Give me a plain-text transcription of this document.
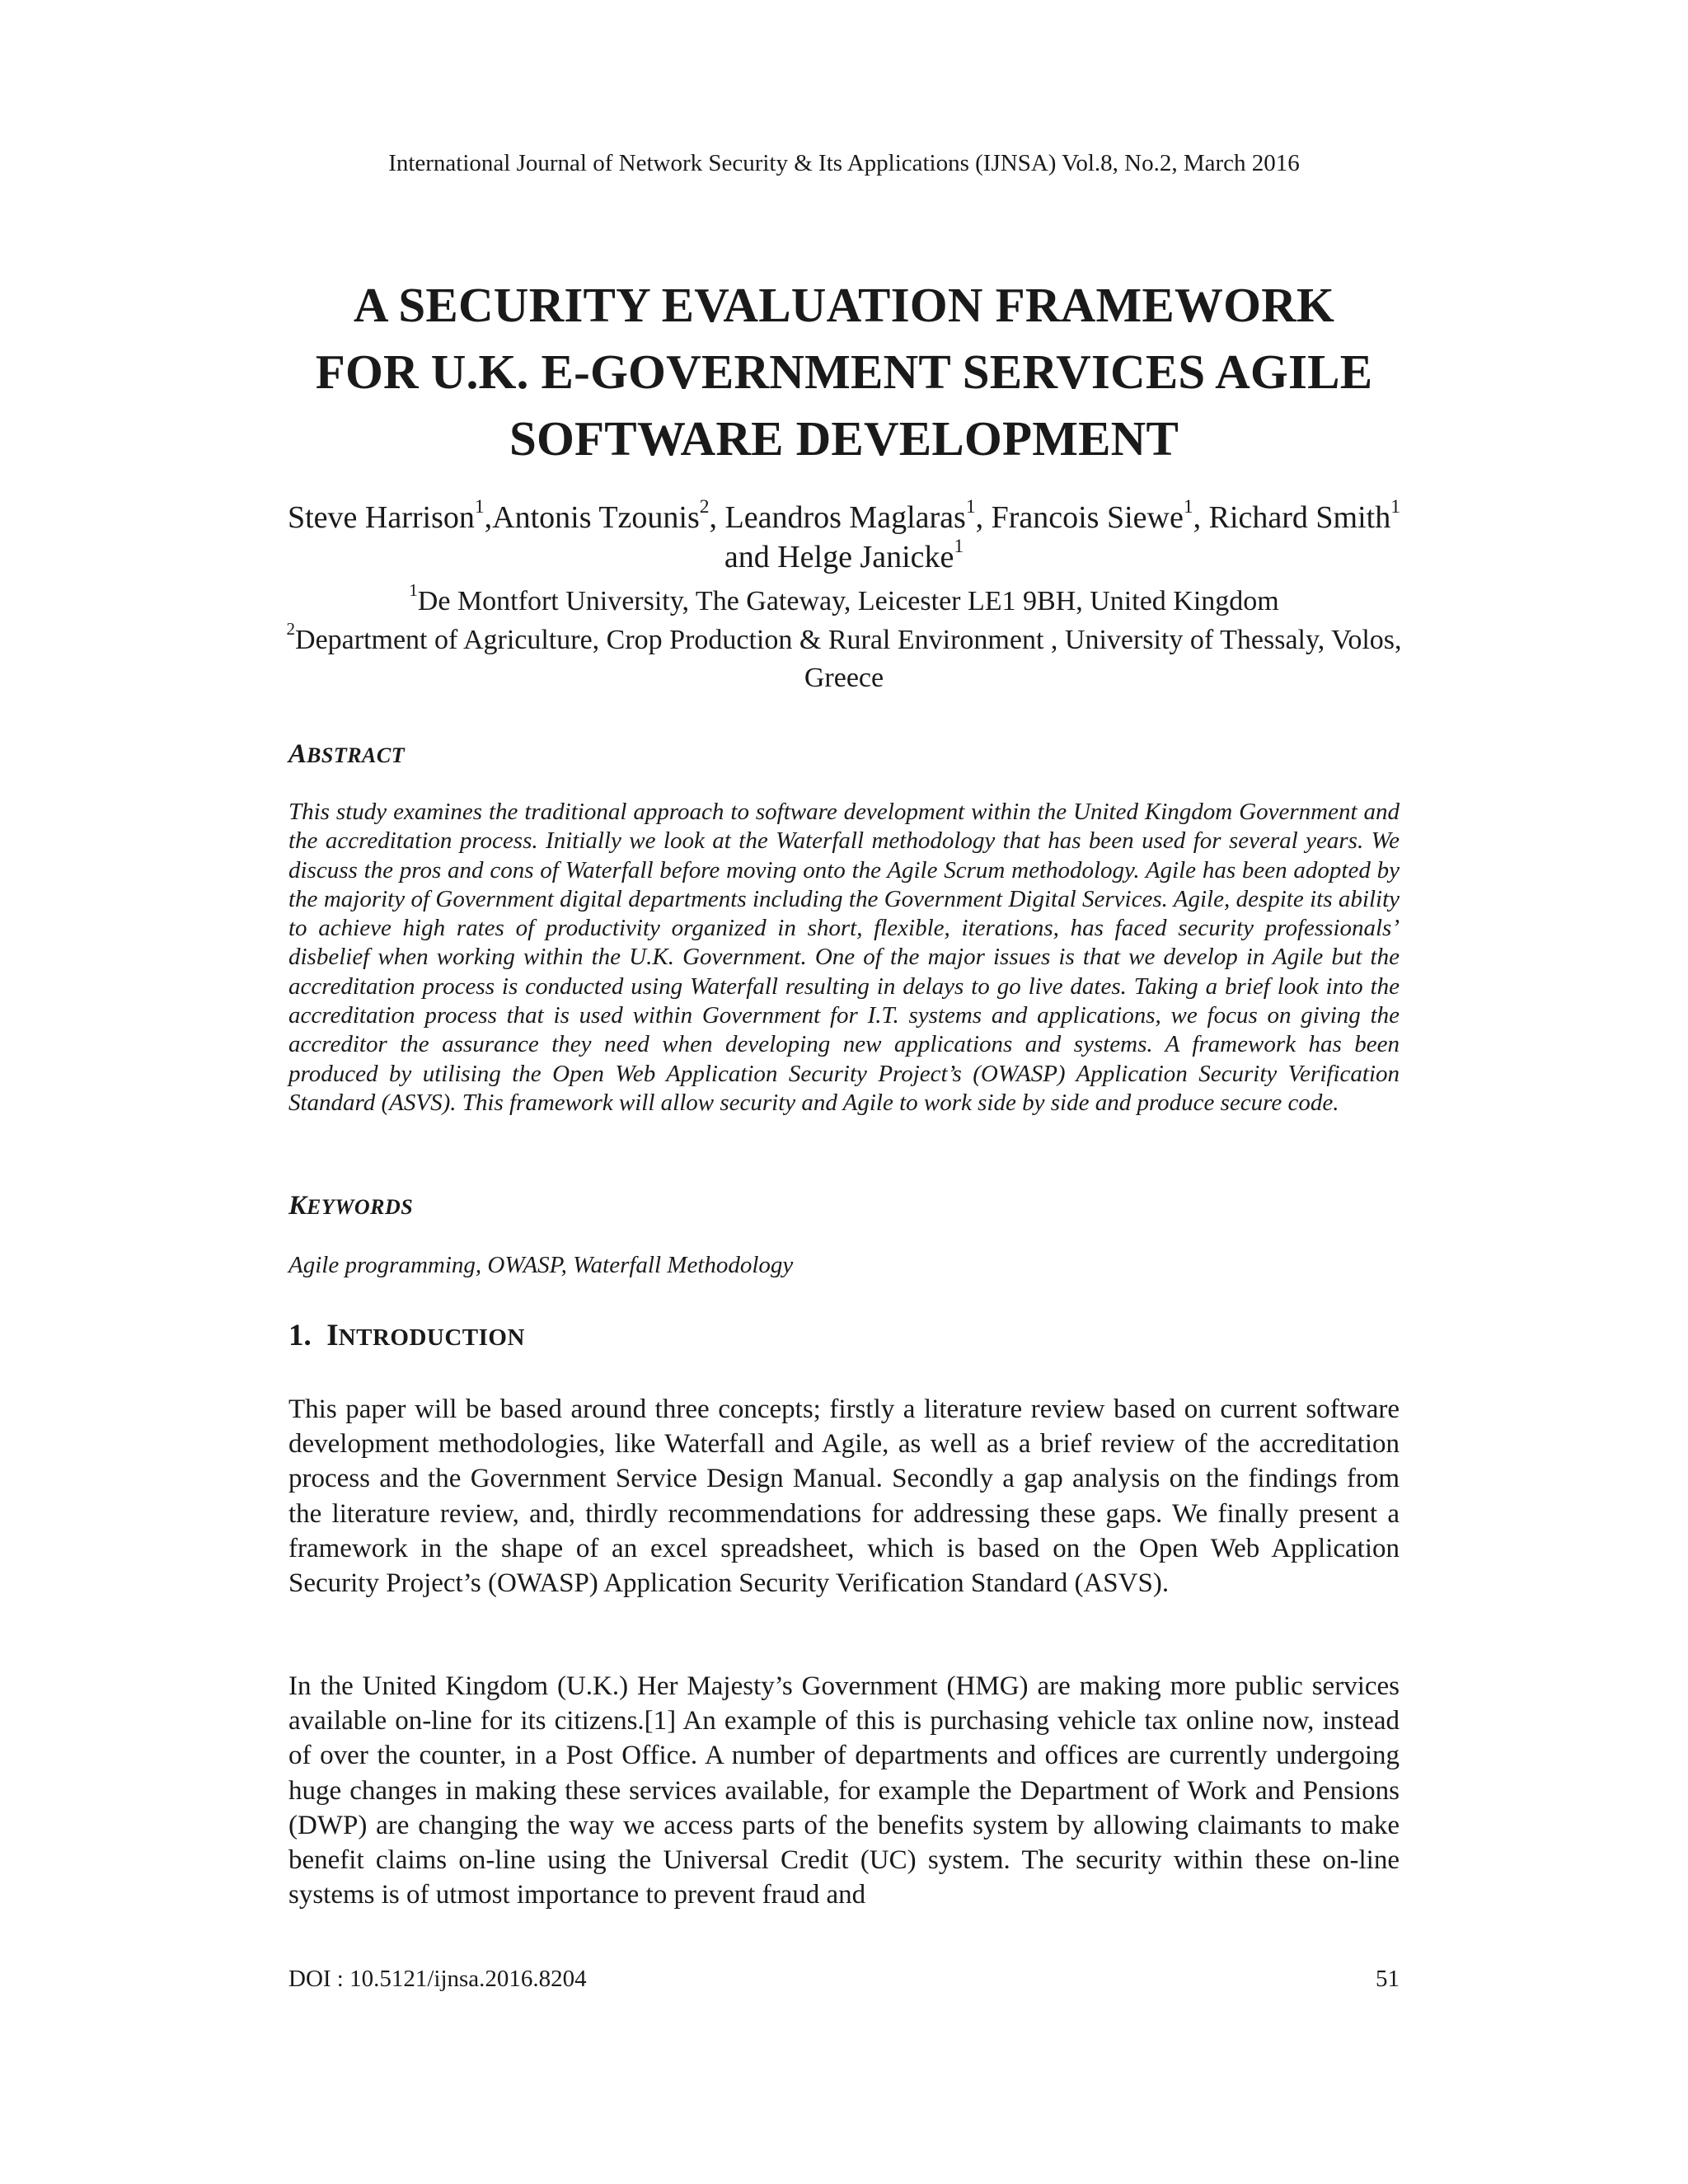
International Journal of Network Security & Its Applications (IJNSA) Vol.8, No.2, March 2016
A SECURITY EVALUATION FRAMEWORK
FOR U.K. E-GOVERNMENT SERVICES AGILE
SOFTWARE DEVELOPMENT

Steve Harrison$^1$,Antonis Tzounis$^2$, Leandros Maglaras$^1$, Francois Siewe$^1$, Richard Smith$^1$ and Helge Janicke$^1$

$^1$De Montfort University, The Gateway, Leicester LE1 9BH, United Kingdom

$^2$Department of Agriculture, Crop Production & Rural Environment , University of Thessaly, Volos, Greece

ABSTRACT

This study examines the traditional approach to software development within the United Kingdom Government and the accreditation process. Initially we look at the Waterfall methodology that has been used for several years. We discuss the pros and cons of Waterfall before moving onto the Agile Scrum methodology. Agile has been adopted by the majority of Government digital departments including the Government Digital Services. Agile, despite its ability to achieve high rates of productivity organized in short, flexible, iterations, has faced security professionals’ disbelief when working within the U.K. Government. One of the major issues is that we develop in Agile but the accreditation process is conducted using Waterfall resulting in delays to go live dates. Taking a brief look into the accreditation process that is used within Government for I.T. systems and applications, we focus on giving the accreditor the assurance they need when developing new applications and systems. A framework has been produced by utilising the Open Web Application Security Project’s (OWASP) Application Security Verification Standard (ASVS). This framework will allow security and Agile to work side by side and produce secure code.

KEYWORDS

Agile programming, OWASP, Waterfall Methodology

1. INTRODUCTION

This paper will be based around three concepts; firstly a literature review based on current software development methodologies, like Waterfall and Agile, as well as a brief review of the accreditation process and the Government Service Design Manual. Secondly a gap analysis on the findings from the literature review, and, thirdly recommendations for addressing these gaps. We finally present a framework in the shape of an excel spreadsheet, which is based on the Open Web Application Security Project’s (OWASP) Application Security Verification Standard (ASVS).

In the United Kingdom (U.K.) Her Majesty’s Government (HMG) are making more public services available on-line for its citizens.[1] An example of this is purchasing vehicle tax online now, instead of over the counter, in a Post Office. A number of departments and offices are currently undergoing huge changes in making these services available, for example the Department of Work and Pensions (DWP) are changing the way we access parts of the benefits system by allowing claimants to make benefit claims on-line using the Universal Credit (UC) system. The security within these on-line systems is of utmost importance to prevent fraud and

DOI : 10.5121/ijnsa.2016.8204	51
